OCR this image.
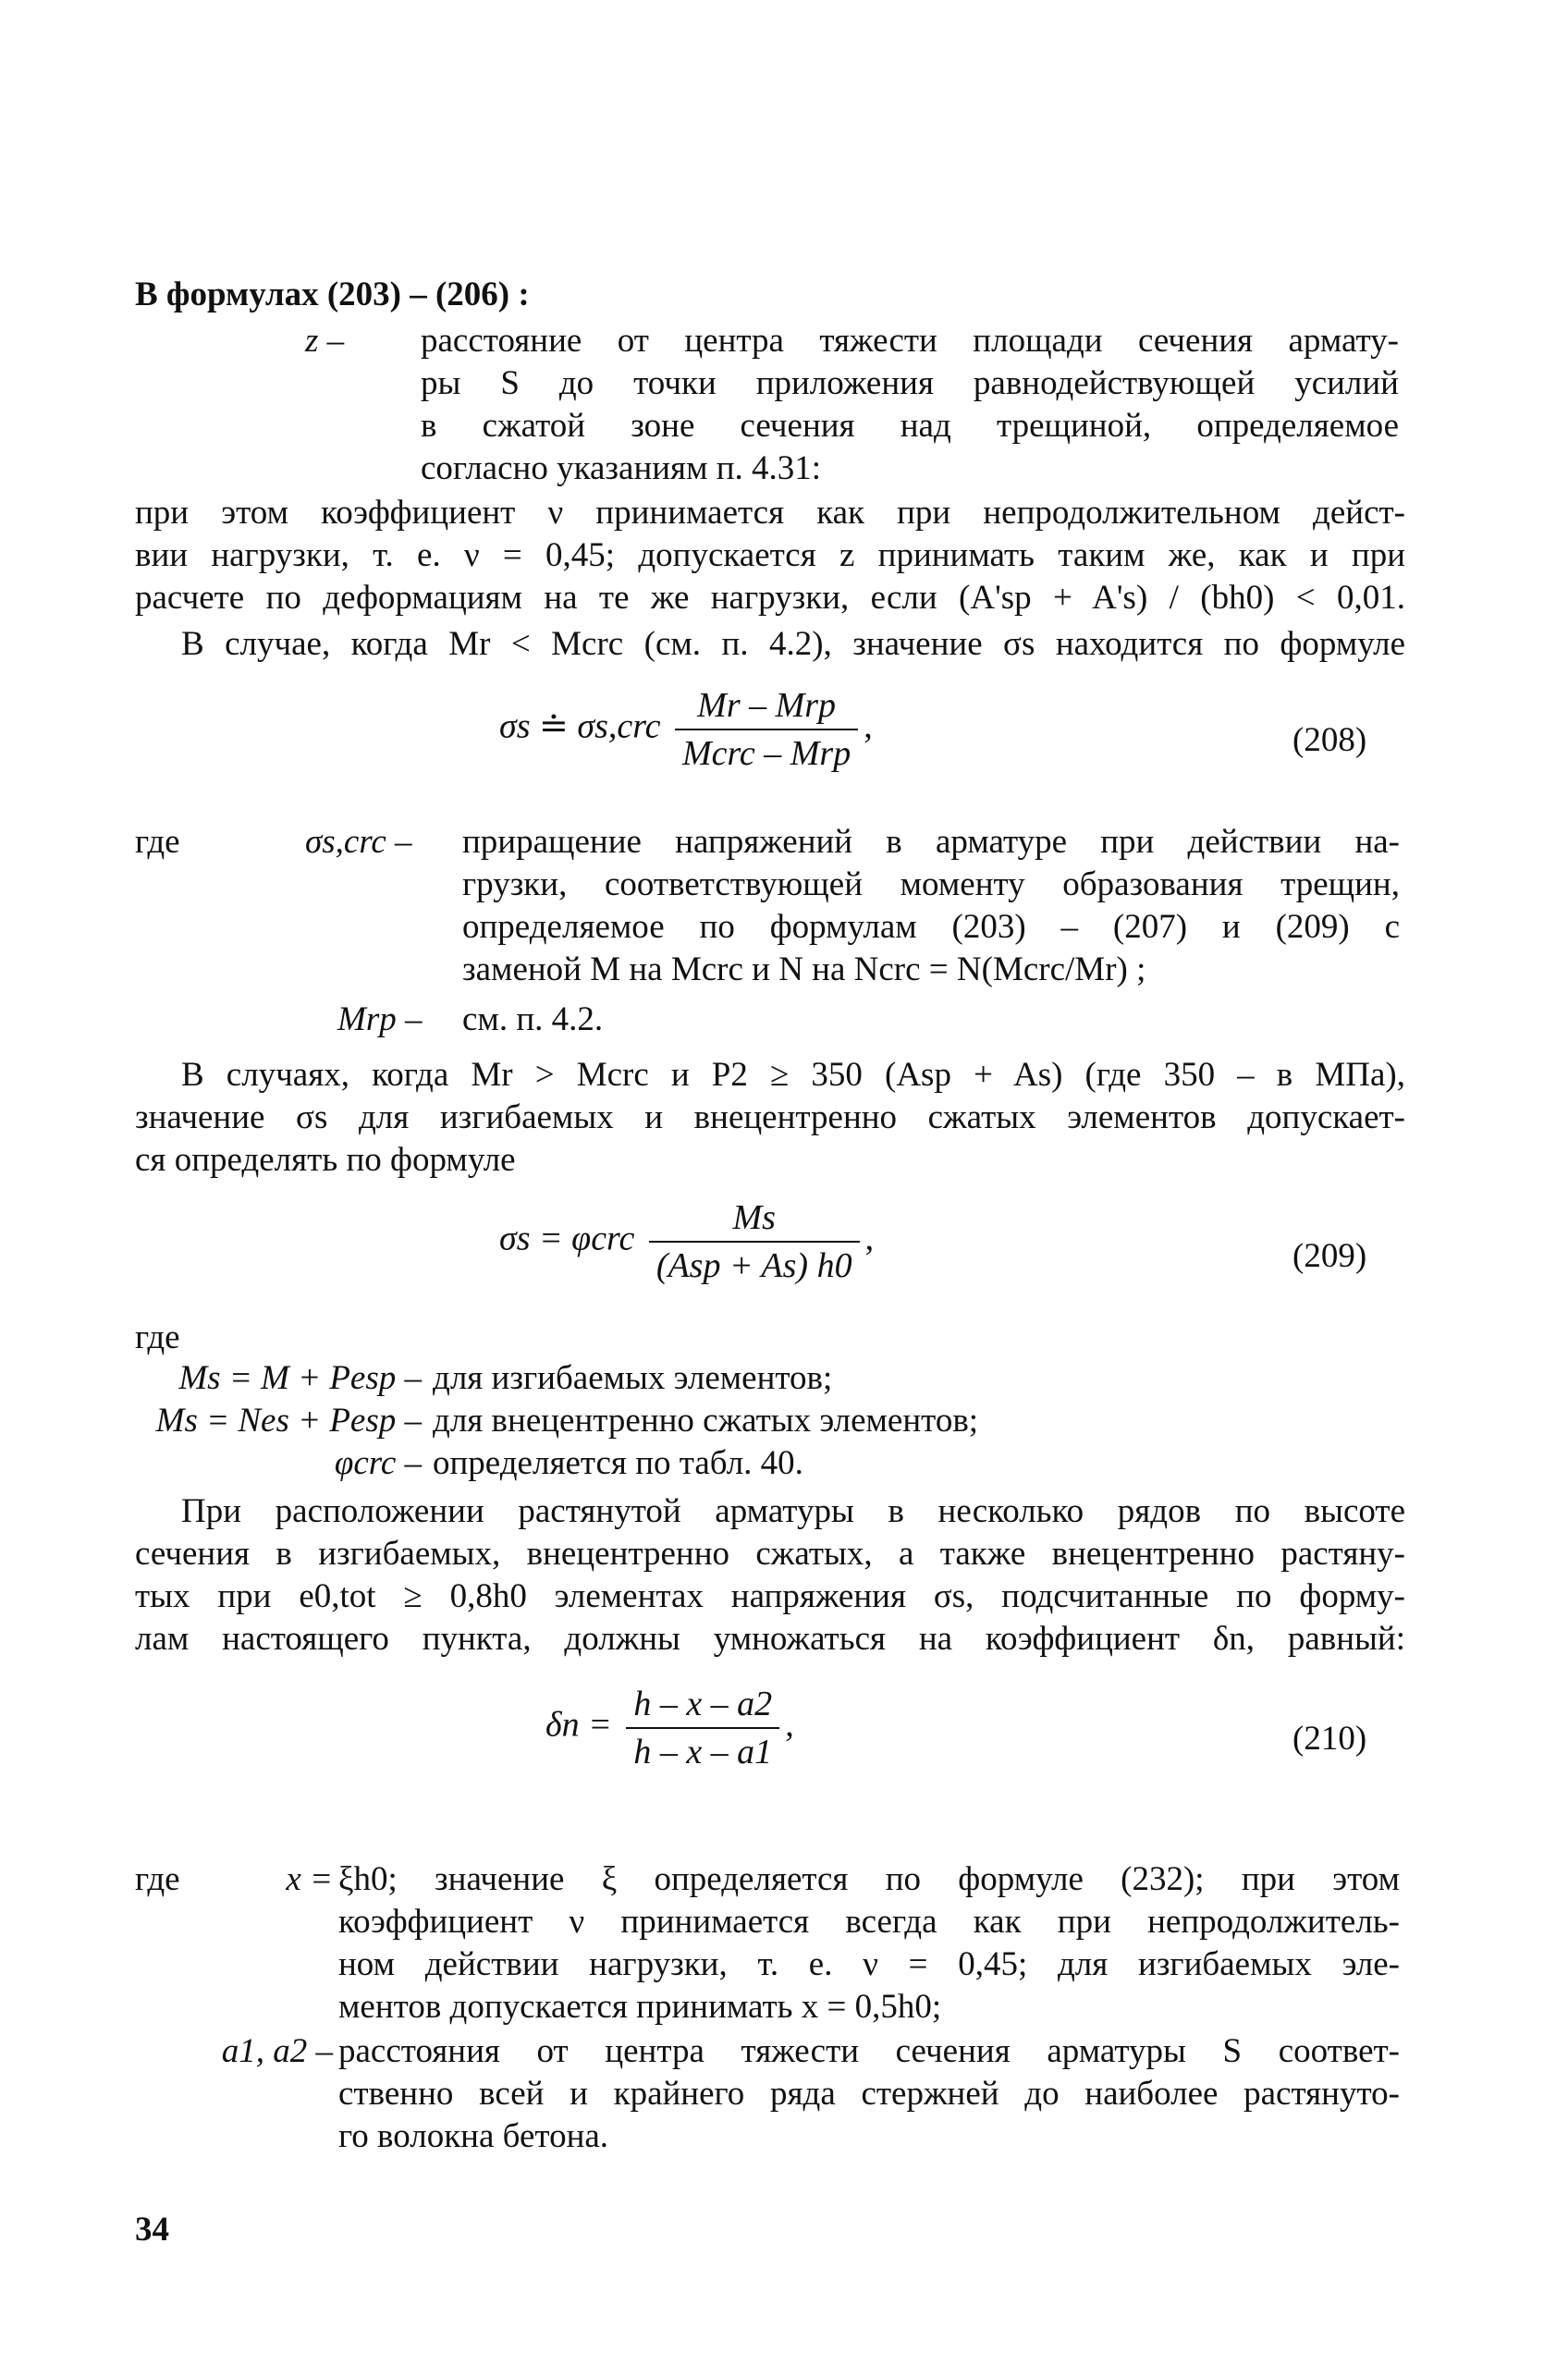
В формулах (203) – (206) :
z –	расстояние от центра тяжести площади сечения армату-
ры S до точки приложения равнодействующей усилий
в сжатой зоне сечения над трещиной, определяемое
согласно указаниям п. 4.31:
при этом коэффициент ν принимается как при непродолжительном дейст-
вии нагрузки, т. е. ν = 0,45; допускается z принимать таким же, как и при
расчете по деформациям на те же нагрузки, если (A'sp + A's) / (bh0) < 0,01.
В случае, когда Mr < Mcrc (см. п. 4.2), значение σs находится по формуле
σs ≐ $\sigma s,crc \frac{\text{Mr – Mrp}}{\text{Mcrc – Mrp}}$ ,	(208)
где	σs,crc –	приращение напряжений в арматуре при действии на-
грузки, соответствующей моменту образования трещин,
определяемое по формулам (203) – (207) и (209) с
заменой M на Mcrc и N на Ncrc = N(Mcrc/Mr) ;
Mrp –	см. п. 4.2.
В случаях, когда Mr > Mcrc и P2 ≥ 350 (Asp + As) (где 350 – в МПа),
значение σs для изгибаемых и внецентренно сжатых элементов допускает-
ся определять по формуле
σs = φcrc $\frac{Ms}{\text{(Asp + As) h0}}$ ,	(209)
где
Ms = M + Pesp – для изгибаемых элементов;
Ms = Nes + Pesp – для внецентренно сжатых элементов;
φcrc – определяется по табл. 40.
При расположении растянутой арматуры в несколько рядов по высоте
сечения в изгибаемых, внецентренно сжатых, а также внецентренно растяну-
тых при e0,tot ≥ 0,8h0 элементах напряжения σs, подсчитанные по форму-
лам настоящего пункта, должны умножаться на коэффициент δn, равный:
$\delta n = \frac{h - x - a2}{h - x - a1}$ ,	(210)
где	x = ξh0; значение ξ определяется по формуле (232); при этом
коэффициент ν принимается всегда как при непродолжитель-
ном действии нагрузки, т. е. ν = 0,45; для изгибаемых эле-
ментов допускается принимать x = 0,5h0;
a1, a2 – расстояния от центра тяжести сечения арматуры S соответ-
ственно всей и крайнего ряда стержней до наиболее растянуто-
го волокна бетона.
34
